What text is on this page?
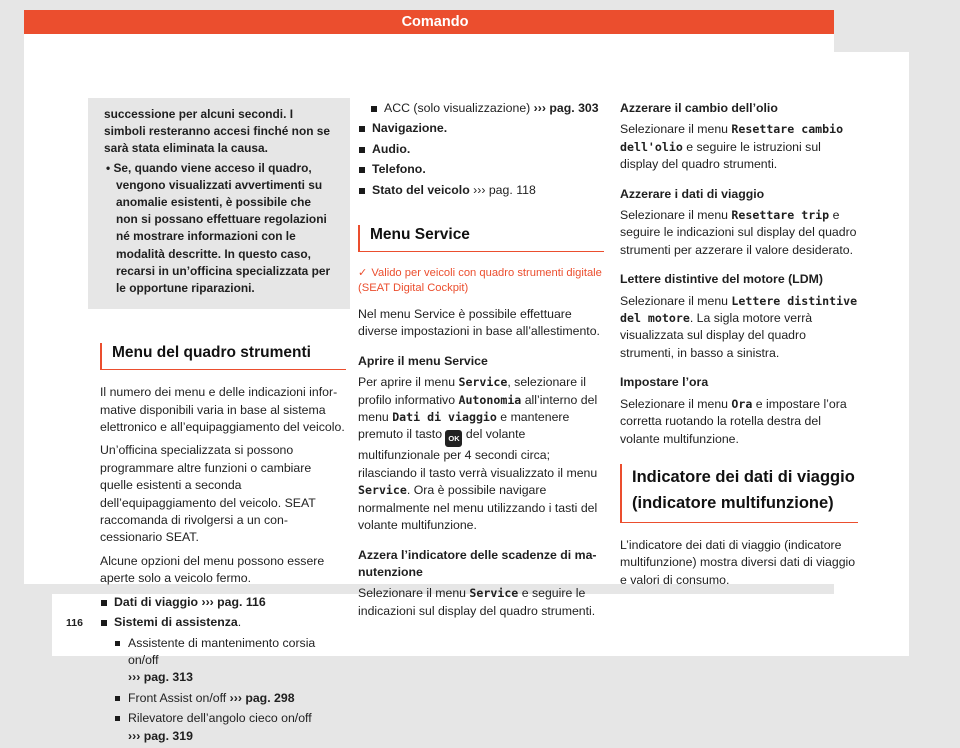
Comando

successione per alcuni secondi. I simboli resteranno accesi finché non se sarà stata eliminata la causa.

• Se, quando viene acceso il quadro, vengono visualizzati avvertimenti su anomalie esistenti, è possibile che non si possano effettuare regolazioni né mostrare informazioni con le modalità descritte. In questo caso, recarsi in un’officina specializzata per le opportune riparazioni.

Menu del quadro strumenti

Il numero dei menu e delle indicazioni informative disponibili varia in base al sistema elettronico e all’equipaggiamento del veicolo.

Un’officina specializzata si possono programmare altre funzioni o cambiare quelle esistenti a seconda dell’equipaggiamento del veicolo. SEAT raccomanda di rivolgersi a un concessionario SEAT.

Alcune opzioni del menu possono essere aperte solo a veicolo fermo.

Dati di viaggio ››› pag. 116
Sistemi di assistenza.
Assistente di mantenimento corsia on/off
››› pag. 313
Front Assist on/off ››› pag. 298
Rilevatore dell’angolo cieco on/off
››› pag. 319
ACC (solo visualizzazione) ››› pag. 303
Navigazione.
Audio.
Telefono.
Stato del veicolo ››› pag. 118
Menu Service
✓ Valido per veicoli con quadro strumenti digitale (SEAT Digital Cockpit)

Nel menu Service è possibile effettuare diverse impostazioni in base all’allestimento.

Aprire il menu Service

Per aprire il menu Service, selezionare il profilo informativo Autonomia all’interno del menu Dati di viaggio e mantenere premuto il tasto OK del volante multifunzionale per 4 secondi circa; rilasciando il tasto verrà visualizzato il menu Service. Ora è possibile navigare normalmente nel menu utilizzando i tasti del volante multifunzione.

Azzera l’indicatore delle scadenze di manutenzione

Selezionare il menu Service e seguire le indicazioni sul display del quadro strumenti.

Azzerare il cambio dell’olio

Selezionare il menu Resettare cambio dell'olio e seguire le istruzioni sul display del quadro strumenti.

Azzerare i dati di viaggio

Selezionare il menu Resettare trip e seguire le indicazioni sul display del quadro strumenti per azzerare il valore desiderato.

Lettere distintive del motore (LDM)

Selezionare il menu Lettere distintive del motore. La sigla motore verrà visualizzata sul display del quadro strumenti, in basso a sinistra.

Impostare l’ora

Selezionare il menu Ora e impostare l’ora corretta ruotando la rotella destra del volante multifunzione.

Indicatore dei dati di viaggio (indicatore multifunzione)

L’indicatore dei dati di viaggio (indicatore multifunzione) mostra diversi dati di viaggio e valori di consumo.

116
